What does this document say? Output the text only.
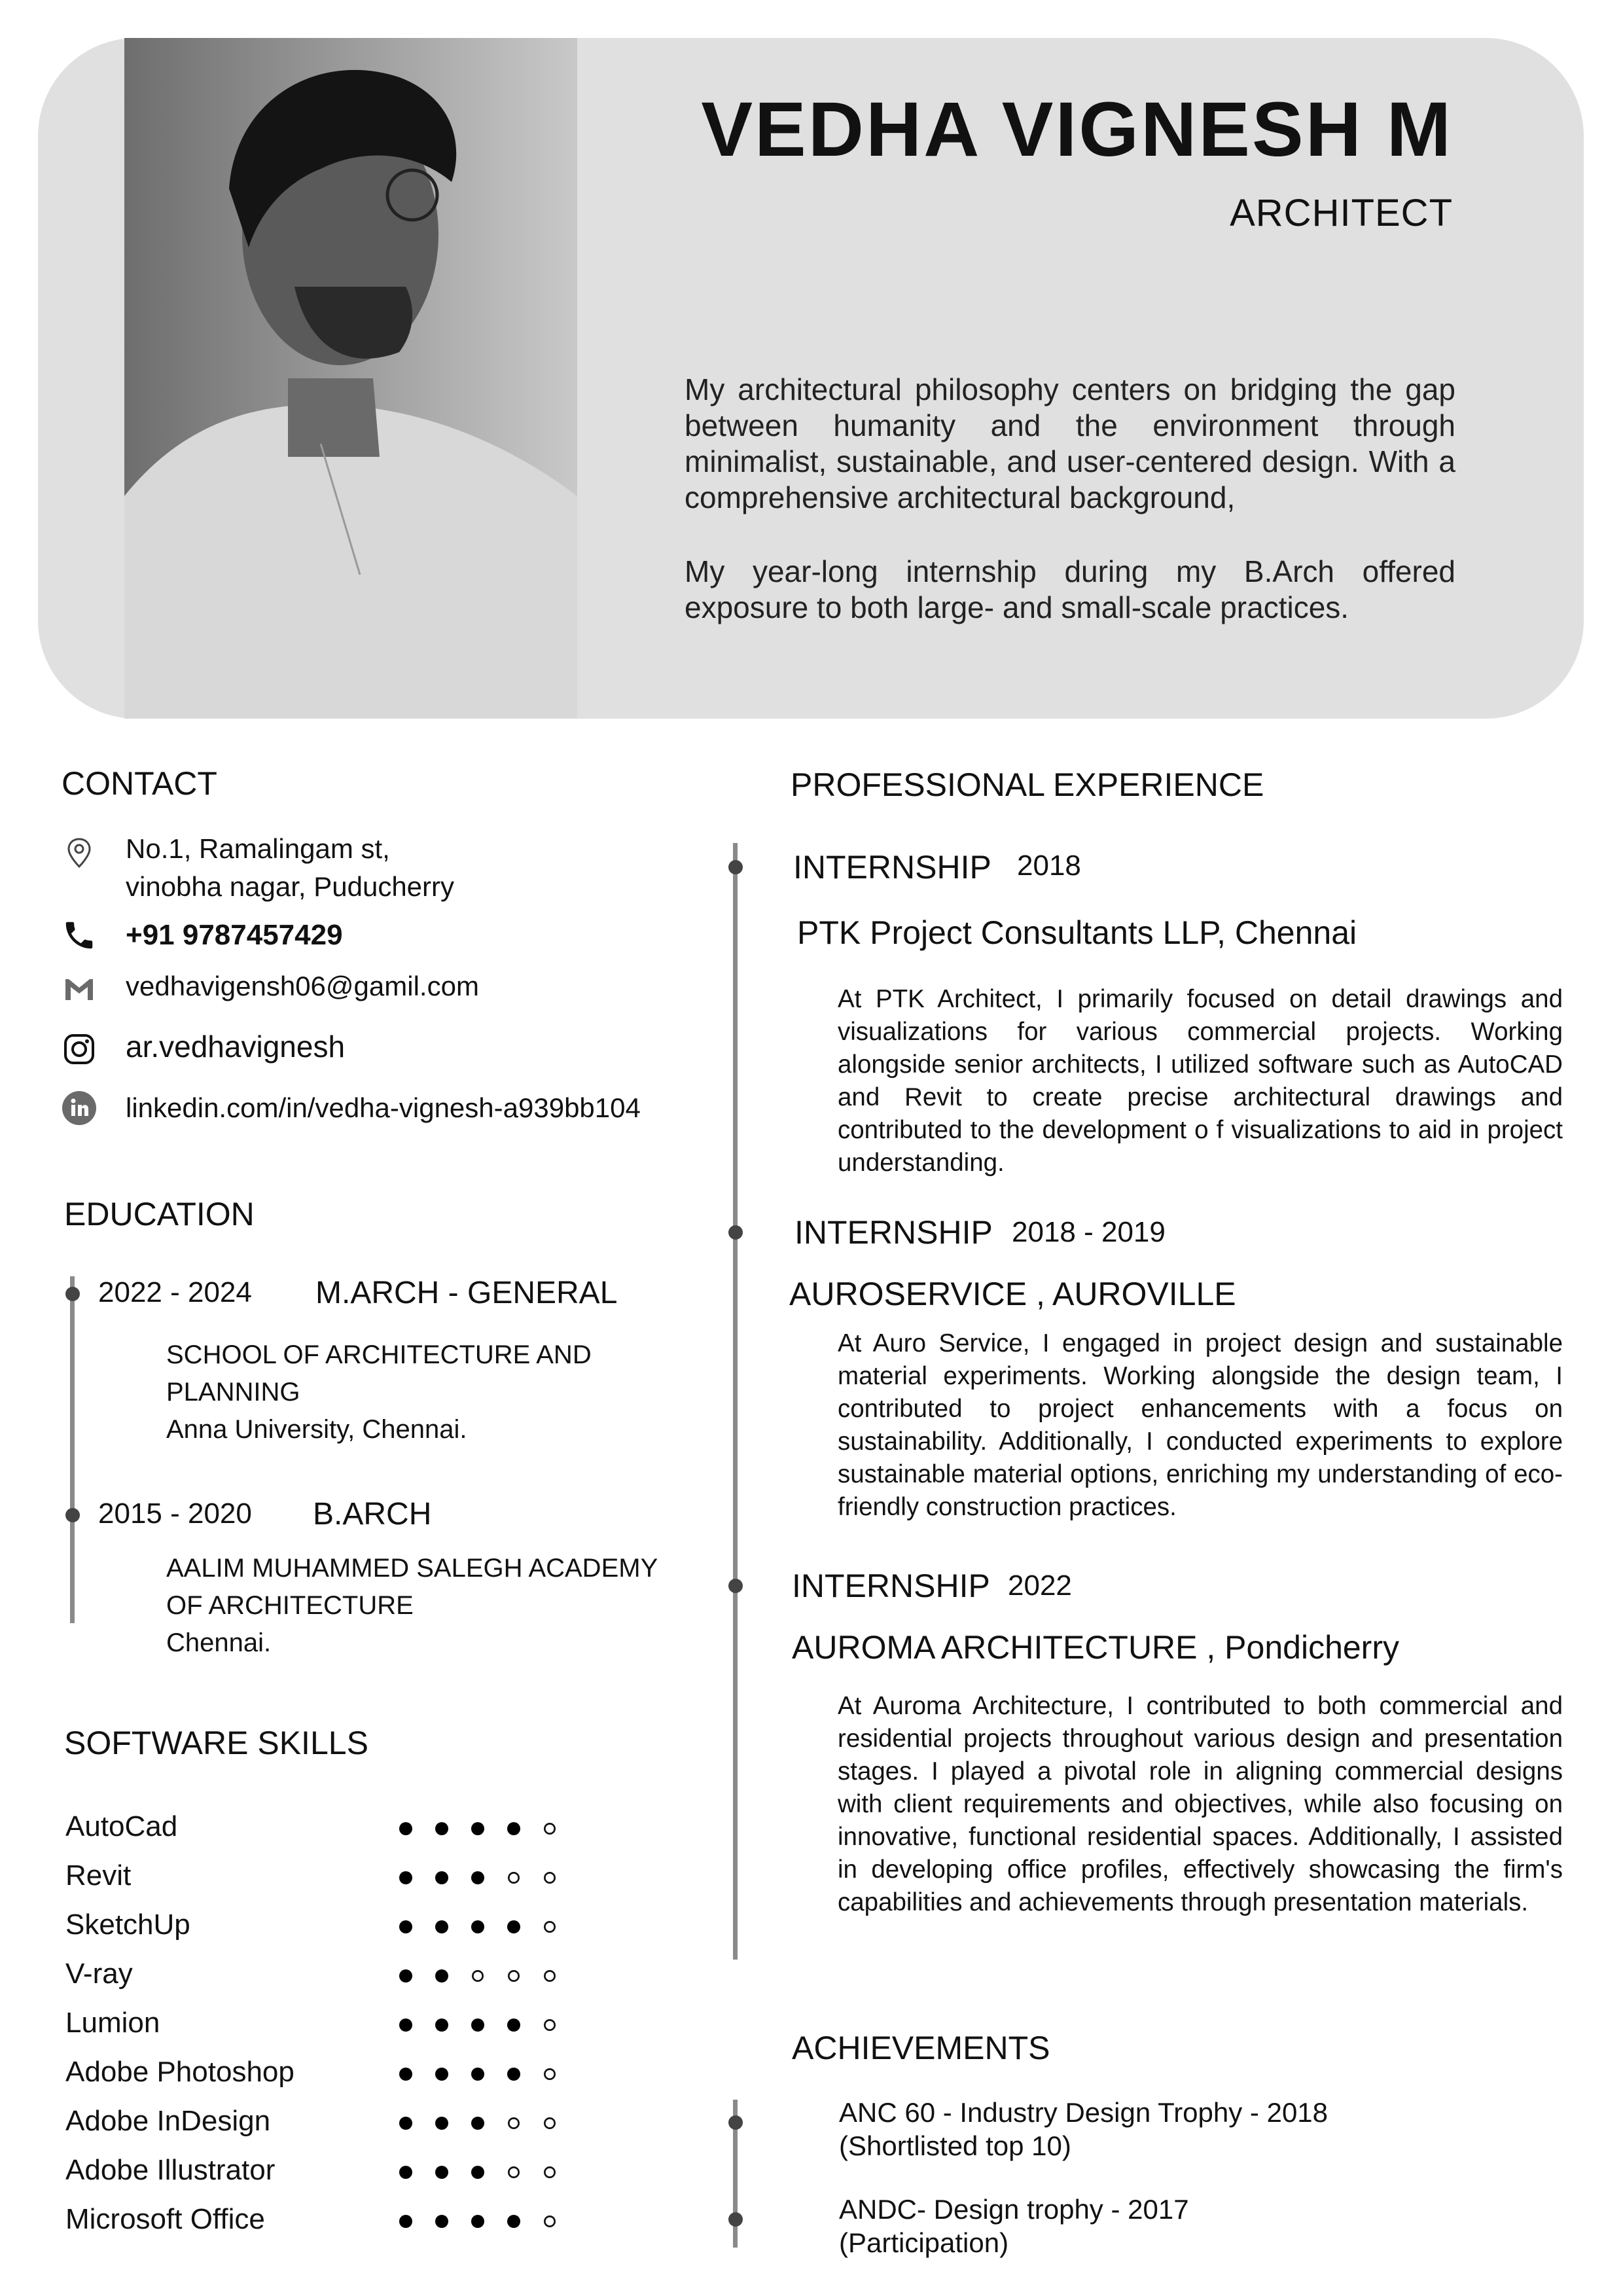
VEDHA VIGNESH M
ARCHITECT
My architectural philosophy centers on bridging the gap between humanity and the environment through minimalist, sustainable, and user-centered design. With a comprehensive architectural background,
My year-long internship during my B.Arch offered exposure to both large- and small-scale practices.
CONTACT
No.1, Ramalingam st,
vinobha nagar, Puducherry
+91 9787457429
vedhavigensh06@gamil.com
ar.vedhavignesh
linkedin.com/in/vedha-vignesh-a939bb104
EDUCATION
2022 - 2024 M.ARCH - GENERAL
SCHOOL OF ARCHITECTURE AND PLANNING
Anna University, Chennai.
2015 - 2020 B.ARCH
AALIM MUHAMMED SALEGH ACADEMY OF ARCHITECTURE
Chennai.
SOFTWARE SKILLS
AutoCad
Revit
SketchUp
V-ray
Lumion
Adobe Photoshop
Adobe InDesign
Adobe Illustrator
Microsoft Office
PROFESSIONAL EXPERIENCE
INTERNSHIP 2018
PTK Project Consultants LLP, Chennai
At PTK Architect, I primarily focused on detail drawings and visualizations for various commercial projects. Working alongside senior architects, I utilized software such as AutoCAD and Revit to create precise architectural drawings and contributed to the development o f visualizations to aid in project understanding.
INTERNSHIP 2018 - 2019
AUROSERVICE , AUROVILLE
At Auro Service, I engaged in project design and sustainable material experiments. Working alongside the design team, I contributed to project enhancements with a focus on sustainability. Additionally, I conducted experiments to explore sustainable material options, enriching my understanding of eco-friendly construction practices.
INTERNSHIP 2022
AUROMA ARCHITECTURE , Pondicherry
At Auroma Architecture, I contributed to both commercial and residential projects throughout various design and presentation stages. I played a pivotal role in aligning commercial designs with client requirements and objectives, while also focusing on innovative, functional residential spaces. Additionally, I assisted in developing office profiles, effectively showcasing the firm's capabilities and achievements through presentation materials.
ACHIEVEMENTS
ANC 60 - Industry Design Trophy - 2018
(Shortlisted top 10)
ANDC- Design trophy - 2017
(Participation)
